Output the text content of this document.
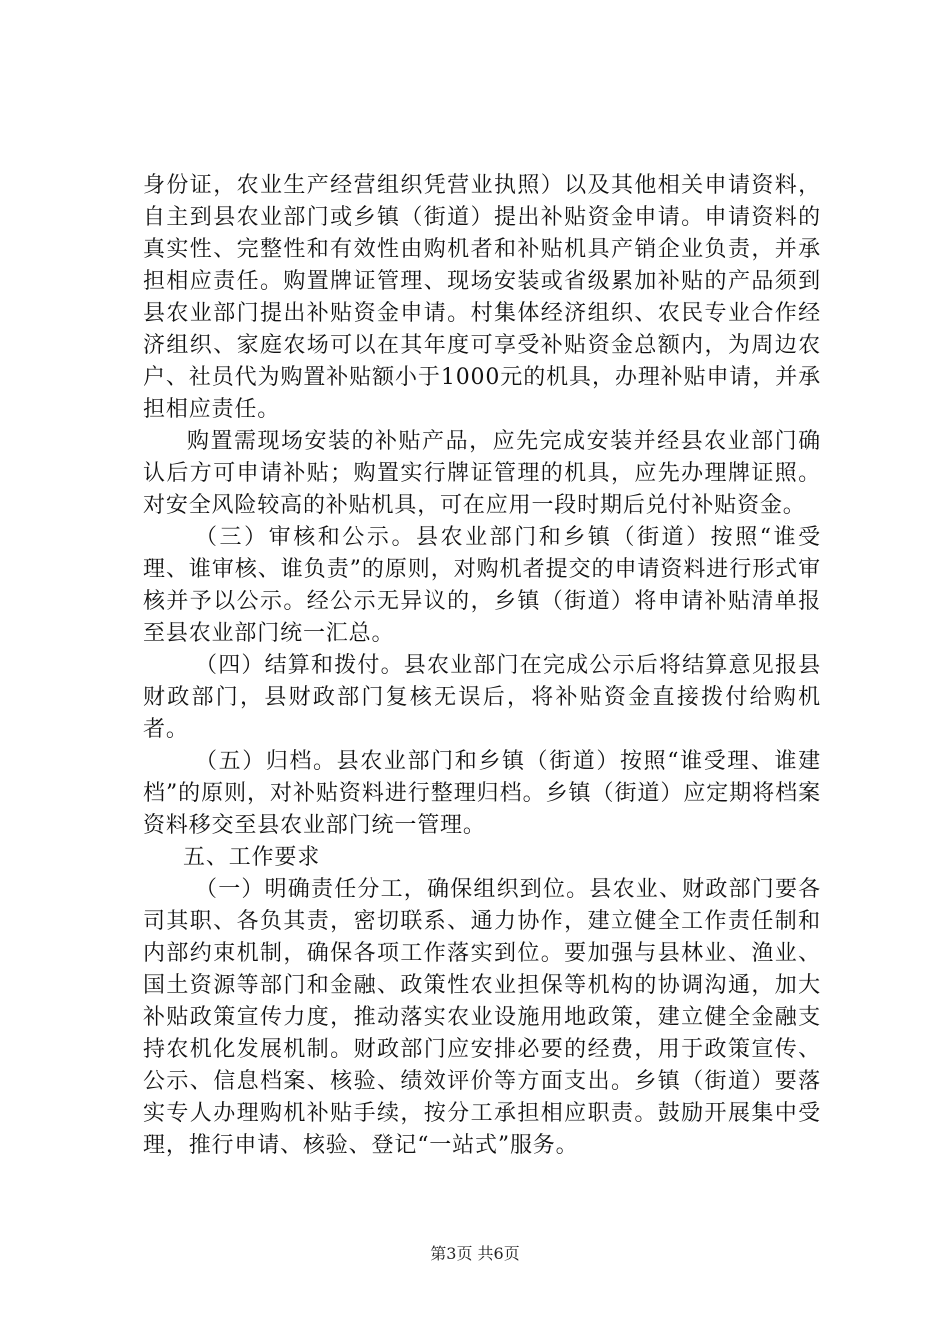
身份证，农业生产经营组织凭营业执照）以及其他相关申请资料，自主到县农业部门或乡镇（街道）提出补贴资金申请。申请资料的真实性、完整性和有效性由购机者和补贴机具产销企业负责，并承担相应责任。购置牌证管理、现场安装或省级累加补贴的产品须到县农业部门提出补贴资金申请。村集体经济组织、农民专业合作经济组织、家庭农场可以在其年度可享受补贴资金总额内，为周边农户、社员代为购置补贴额小于1000元的机具，办理补贴申请，并承担相应责任。

购置需现场安装的补贴产品，应先完成安装并经县农业部门确认后方可申请补贴；购置实行牌证管理的机具，应先办理牌证照。对安全风险较高的补贴机具，可在应用一段时期后兑付补贴资金。

（三）审核和公示。县农业部门和乡镇（街道）按照“谁受理、谁审核、谁负责”的原则，对购机者提交的申请资料进行形式审核并予以公示。经公示无异议的，乡镇（街道）将申请补贴清单报至县农业部门统一汇总。

（四）结算和拨付。县农业部门在完成公示后将结算意见报县财政部门，县财政部门复核无误后，将补贴资金直接拨付给购机者。

（五）归档。县农业部门和乡镇（街道）按照“谁受理、谁建档”的原则，对补贴资料进行整理归档。乡镇（街道）应定期将档案资料移交至县农业部门统一管理。

五、工作要求

（一）明确责任分工，确保组织到位。县农业、财政部门要各司其职、各负其责，密切联系、通力协作，建立健全工作责任制和内部约束机制，确保各项工作落实到位。要加强与县林业、渔业、国土资源等部门和金融、政策性农业担保等机构的协调沟通，加大补贴政策宣传力度，推动落实农业设施用地政策，建立健全金融支持农机化发展机制。财政部门应安排必要的经费，用于政策宣传、公示、信息档案、核验、绩效评价等方面支出。乡镇（街道）要落实专人办理购机补贴手续，按分工承担相应职责。鼓励开展集中受理，推行申请、核验、登记“一站式”服务。

第3页 共6页
